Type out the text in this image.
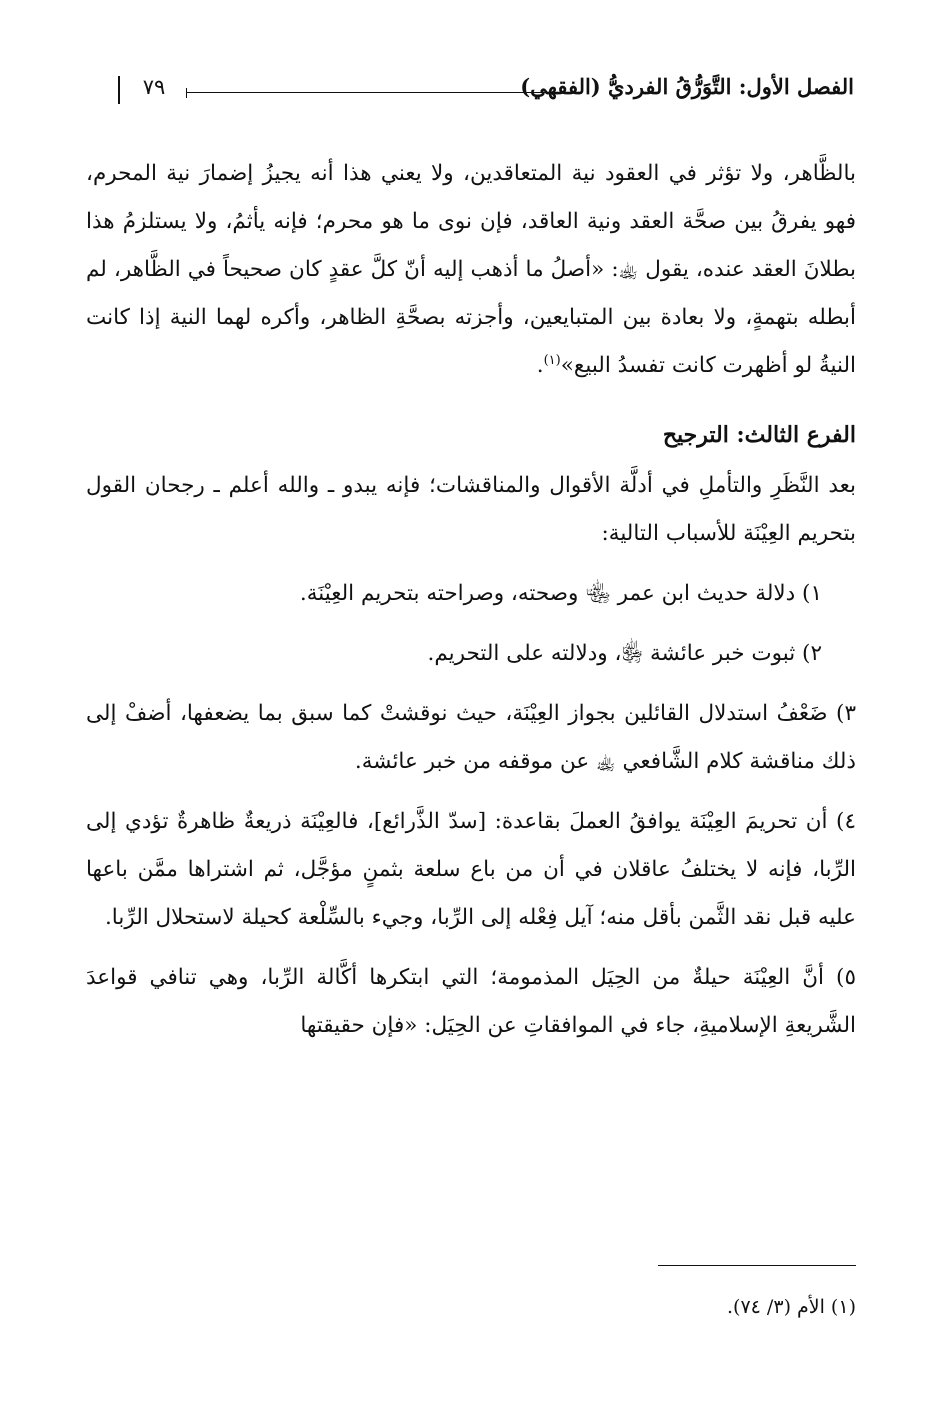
الفصل الأول: التَّوَرُّقُ الفرديُّ (الفقهي)
٧٩

بالظَّاهر، ولا تؤثر في العقود نية المتعاقدين، ولا يعني هذا أنه يجيزُ إضمارَ نية المحرم، فهو يفرقُ بين صحَّة العقد ونية العاقد، فإن نوى ما هو محرم؛ فإنه يأثمُ، ولا يستلزمُ هذا بطلانَ العقد عنده، يقول ﵀: «أصلُ ما أذهب إليه أنّ كلَّ عقدٍ كان صحيحاً في الظَّاهر، لم أبطله بتهمةٍ، ولا بعادة بين المتبايعين، وأجزته بصحَّةِ الظاهر، وأكره لهما النية إذا كانت النيةُ لو أظهرت كانت تفسدُ البيع»$^{(١)}$.

الفرع الثالث: الترجيح

بعد النَّظَرِ والتأملِ في أدلَّة الأقوال والمناقشات؛ فإنه يبدو ـ والله أعلم ـ رجحان القول بتحريم العِيْنَة للأسباب التالية:

١) دلالة حديث ابن عمر ﵄ وصحته، وصراحته بتحريم العِيْنَة.

٢) ثبوت خبر عائشة ﵂، ودلالته على التحريم.

٣) ضَعْفُ استدلال القائلين بجواز العِيْنَة، حيث نوقشتْ كما سبق بما يضعفها، أضفْ إلى ذلك مناقشة كلام الشَّافعي ﵀ عن موقفه من خبر عائشة.

٤) أن تحريمَ العِيْنَة يوافقُ العملَ بقاعدة: [سدّ الذَّرائع]، فالعِيْنَة ذريعةٌ ظاهرةٌ تؤدي إلى الرِّبا، فإنه لا يختلفُ عاقلان في أن من باع سلعة بثمنٍ مؤجَّل، ثم اشتراها ممَّن باعها عليه قبل نقد الثَّمن بأقل منه؛ آيل فِعْله إلى الرِّبا، وجيء بالسِّلْعة كحيلة لاستحلال الرِّبا.

٥) أنَّ العِيْنَة حيلةٌ من الحِيَل المذمومة؛ التي ابتكرها أكَّالة الرِّبا، وهي تنافي قواعدَ الشَّريعةِ الإسلاميةِ، جاء في الموافقاتِ عن الحِيَل: «فإن حقيقتها

(١) الأم (٣/ ٧٤).
